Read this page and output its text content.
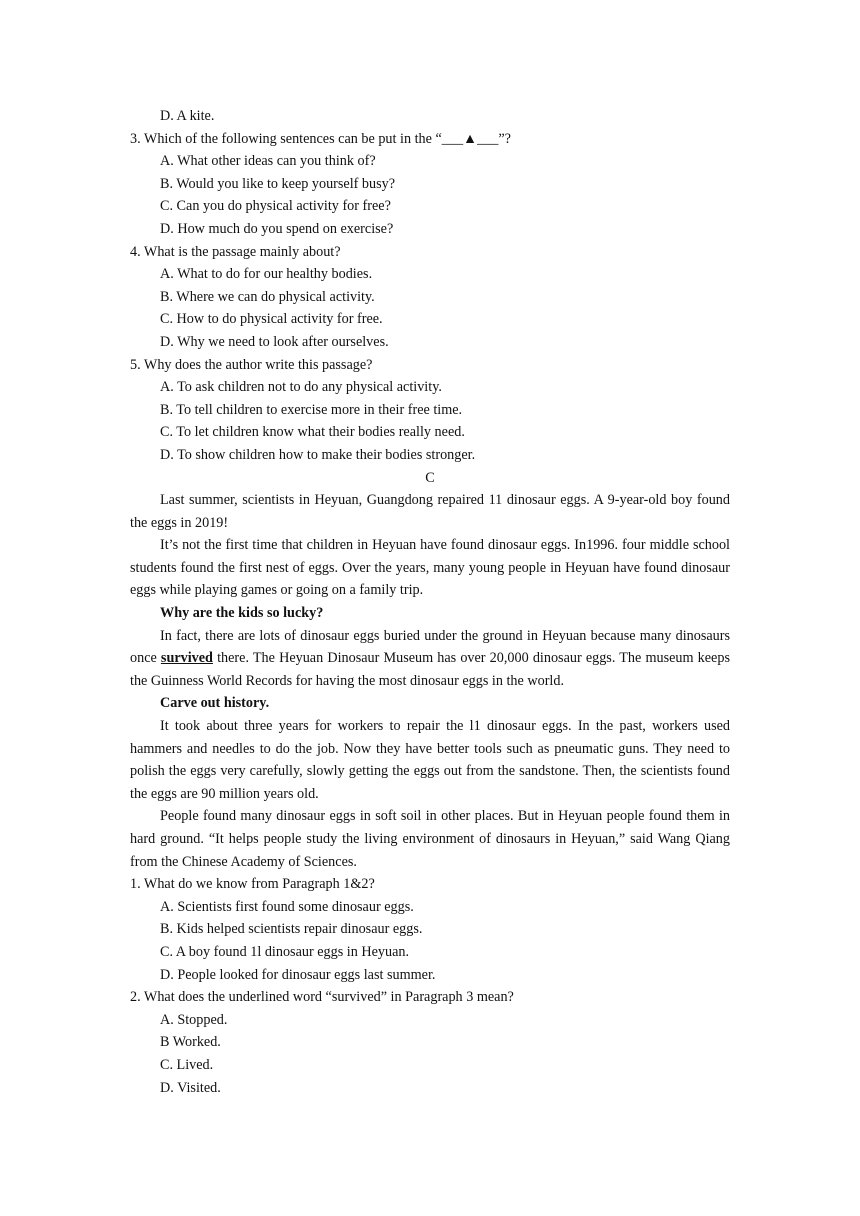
D. A kite.
3. Which of the following sentences can be put in the “___▲___”?
A. What other ideas can you think of?
B. Would you like to keep yourself busy?
C. Can you do physical activity for free?
D. How much do you spend on exercise?
4. What is the passage mainly about?
A. What to do for our healthy bodies.
B. Where we can do physical activity.
C. How to do physical activity for free.
D. Why we need to look after ourselves.
5. Why does the author write this passage?
A. To ask children not to do any physical activity.
B. To tell children to exercise more in their free time.
C. To let children know what their bodies really need.
D. To show children how to make their bodies stronger.
C
Last summer, scientists in Heyuan, Guangdong repaired 11 dinosaur eggs. A 9-year-old boy found the eggs in 2019!
It’s not the first time that children in Heyuan have found dinosaur eggs. In1996. four middle school students found the first nest of eggs. Over the years, many young people in Heyuan have found dinosaur eggs while playing games or going on a family trip.
Why are the kids so lucky?
In fact, there are lots of dinosaur eggs buried under the ground in Heyuan because many dinosaurs once survived there. The Heyuan Dinosaur Museum has over 20,000 dinosaur eggs. The museum keeps the Guinness World Records for having the most dinosaur eggs in the world.
Carve out history.
It took about three years for workers to repair the l1 dinosaur eggs. In the past, workers used hammers and needles to do the job. Now they have better tools such as pneumatic guns. They need to polish the eggs very carefully, slowly getting the eggs out from the sandstone. Then, the scientists found the eggs are 90 million years old.
People found many dinosaur eggs in soft soil in other places. But in Heyuan people found them in hard ground. “It helps people study the living environment of dinosaurs in Heyuan,” said Wang Qiang from the Chinese Academy of Sciences.
1. What do we know from Paragraph 1&2?
A. Scientists first found some dinosaur eggs.
B. Kids helped scientists repair dinosaur eggs.
C. A boy found 1l dinosaur eggs in Heyuan.
D. People looked for dinosaur eggs last summer.
2. What does the underlined word “survived” in Paragraph 3 mean?
A. Stopped.
B Worked.
C. Lived.
D. Visited.
